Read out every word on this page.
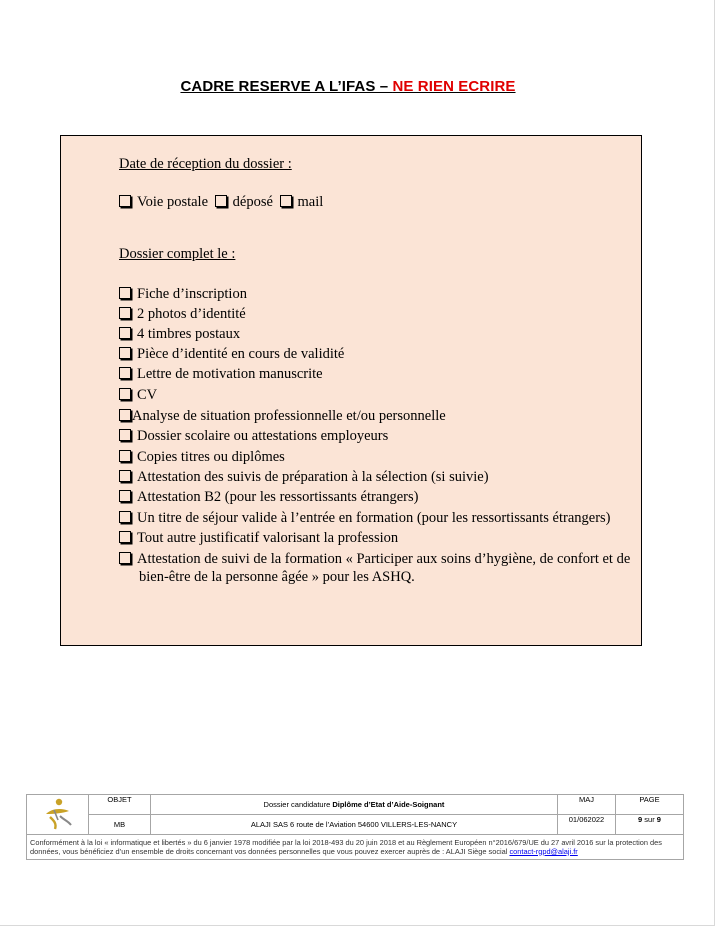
CADRE RESERVE A L’IFAS – NE RIEN ECRIRE
Date de réception du dossier :
Voie postale déposé mail
Dossier complet le :
Fiche d’inscription
2 photos d’identité
4 timbres postaux
Pièce d’identité en cours de validité
Lettre de motivation manuscrite
CV
Analyse de situation professionnelle et/ou personnelle
Dossier scolaire ou attestations employeurs
Copies titres ou diplômes
Attestation des suivis de préparation à la sélection (si suivie)
Attestation B2 (pour les ressortissants étrangers)
Un titre de séjour valide à l’entrée en formation (pour les ressortissants étrangers)
Tout autre justificatif valorisant la profession
Attestation de suivi de la formation « Participer aux soins d’hygiène, de confort et de
bien-être de la personne âgée » pour les ASHQ.
	OBJET	Dossier candidature Diplôme d’Etat d’Aide-Soignant	MAJ	PAGE
	MB	ALAJI SAS 6 route de l’Aviation 54600 VILLERS-LES-NANCY	01/062022	9 sur 9
Conformément à la loi « informatique et libertés » du 6 janvier 1978 modifiée par la loi 2018-493 du 20 juin 2018 et au Règlement Européen n°2016/679/UE du 27 avril 2016 sur la protection des données, vous bénéficiez d’un ensemble de droits concernant vos données personnelles que vous pouvez exercer auprès de : ALAJI Siège social contact-rgpd@alaji.fr
